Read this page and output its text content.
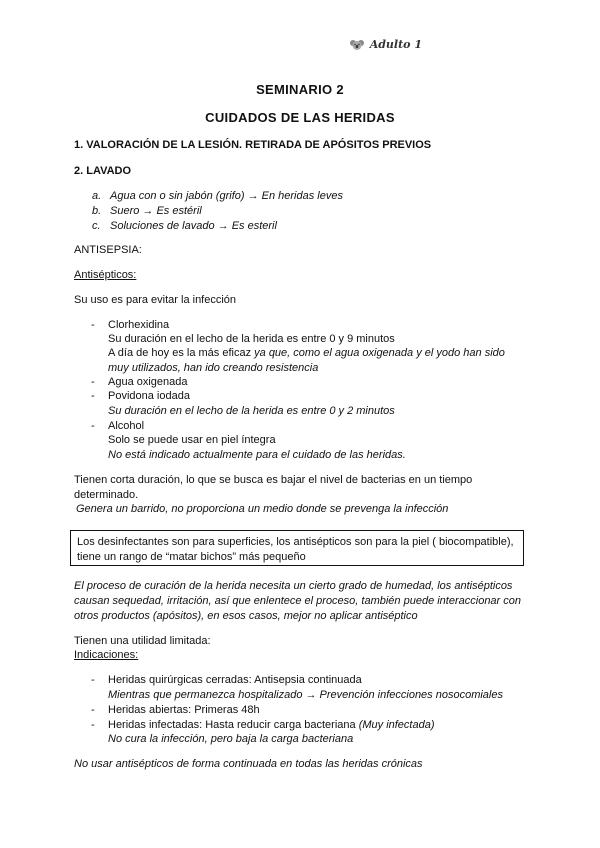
Adulto 1
SEMINARIO 2
CUIDADOS DE LAS HERIDAS
1. VALORACIÓN DE LA LESIÓN. RETIRADA DE APÓSITOS PREVIOS
2. LAVADO
a. Agua con o sin jabón (grifo) → En heridas leves
b. Suero → Es estéril
c. Soluciones de lavado → Es esteril
ANTISEPSIA:
Antisépticos:
Su uso es para evitar la infección
- Clorhexidina
Su duración en el lecho de la herida es entre 0 y 9 minutos
A día de hoy es la más eficaz ya que, como el agua oxigenada y el yodo han sido
muy utilizados, han ido creando resistencia
- Agua oxigenada
- Povidona iodada
Su duración en el lecho de la herida es entre 0 y 2 minutos
- Alcohol
Solo se puede usar en piel íntegra
No está indicado actualmente para el cuidado de las heridas.
Tienen corta duración, lo que se busca es bajar el nivel de bacterias en un tiempo
determinado.
Genera un barrido, no proporciona un medio donde se prevenga la infección
Los desinfectantes son para superficies, los antisépticos son para la piel ( biocompatible),
tiene un rango de “matar bichos” más pequeño
El proceso de curación de la herida necesita un cierto grado de humedad, los antisépticos
causan sequedad, irritación, así que enlentece el proceso, también puede interaccionar con
otros productos (apósitos), en esos casos, mejor no aplicar antiséptico
Tienen una utilidad limitada:
Indicaciones:
- Heridas quirúrgicas cerradas: Antisepsia continuada
Mientras que permanezca hospitalizado → Prevención infecciones nosocomiales
- Heridas abiertas: Primeras 48h
- Heridas infectadas: Hasta reducir carga bacteriana (Muy infectada)
No cura la infección, pero baja la carga bacteriana
No usar antisépticos de forma continuada en todas las heridas crónicas
